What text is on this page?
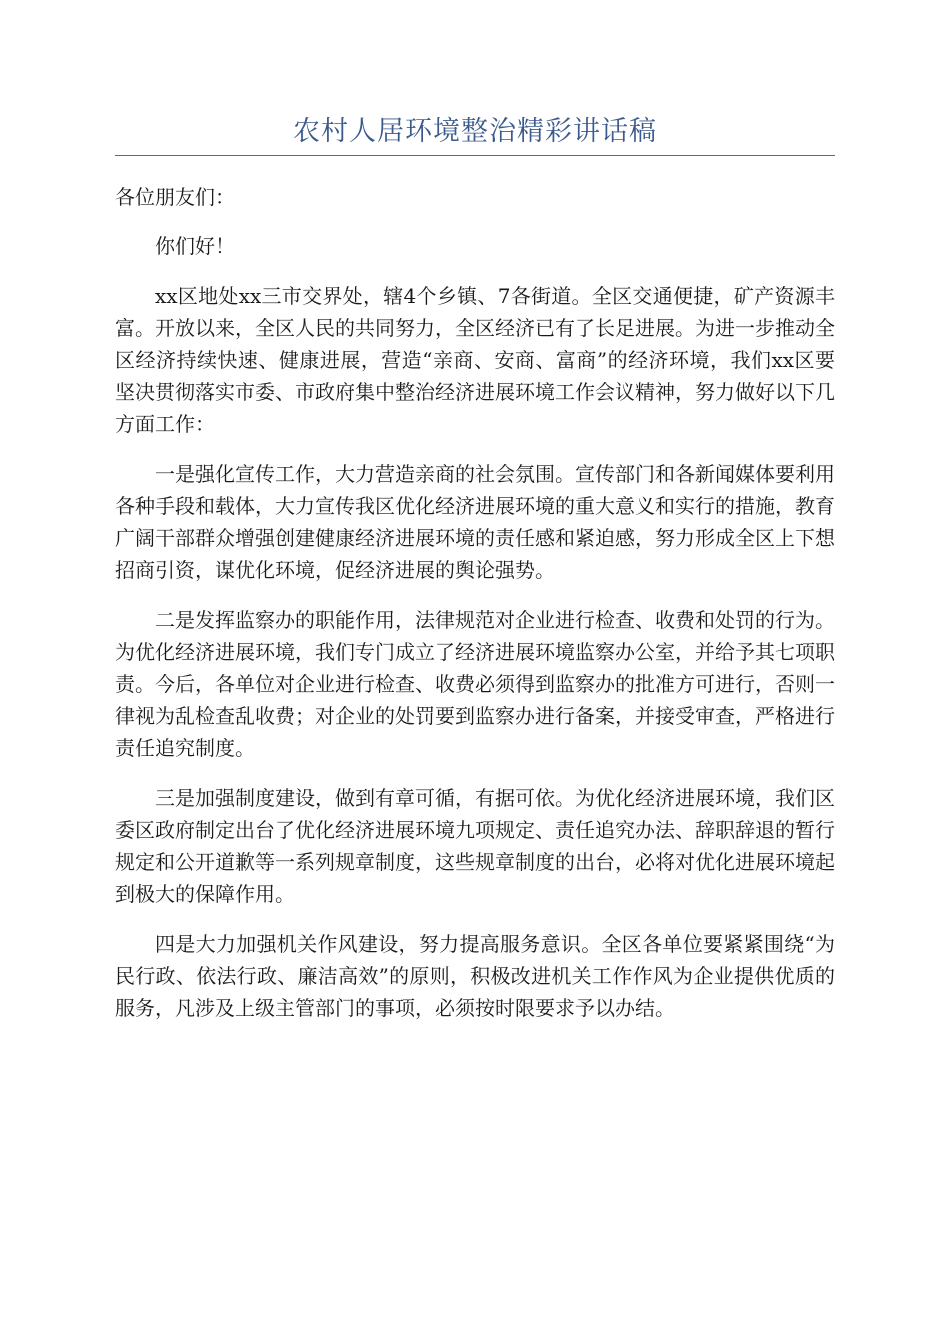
农村人居环境整治精彩讲话稿

各位朋友们：

你们好！

xx区地处xx三市交界处，辖4个乡镇、7各街道。全区交通便捷，矿产资源丰富。开放以来，全区人民的共同努力，全区经济已有了长足进展。为进一步推动全区经济持续快速、健康进展，营造“亲商、安商、富商”的经济环境，我们xx区要坚决贯彻落实市委、市政府集中整治经济进展环境工作会议精神，努力做好以下几方面工作：

一是强化宣传工作，大力营造亲商的社会氛围。宣传部门和各新闻媒体要利用各种手段和载体，大力宣传我区优化经济进展环境的重大意义和实行的措施，教育广阔干部群众增强创建健康经济进展环境的责任感和紧迫感，努力形成全区上下想招商引资，谋优化环境，促经济进展的舆论强势。

二是发挥监察办的职能作用，法律规范对企业进行检查、收费和处罚的行为。为优化经济进展环境，我们专门成立了经济进展环境监察办公室，并给予其七项职责。今后，各单位对企业进行检查、收费必须得到监察办的批准方可进行，否则一律视为乱检查乱收费；对企业的处罚要到监察办进行备案，并接受审查，严格进行责任追究制度。

三是加强制度建设，做到有章可循，有据可依。为优化经济进展环境，我们区委区政府制定出台了优化经济进展环境九项规定、责任追究办法、辞职辞退的暂行规定和公开道歉等一系列规章制度，这些规章制度的出台，必将对优化进展环境起到极大的保障作用。

四是大力加强机关作风建设，努力提高服务意识。全区各单位要紧紧围绕“为民行政、依法行政、廉洁高效”的原则，积极改进机关工作作风为企业提供优质的服务，凡涉及上级主管部门的事项，必须按时限要求予以办结。
